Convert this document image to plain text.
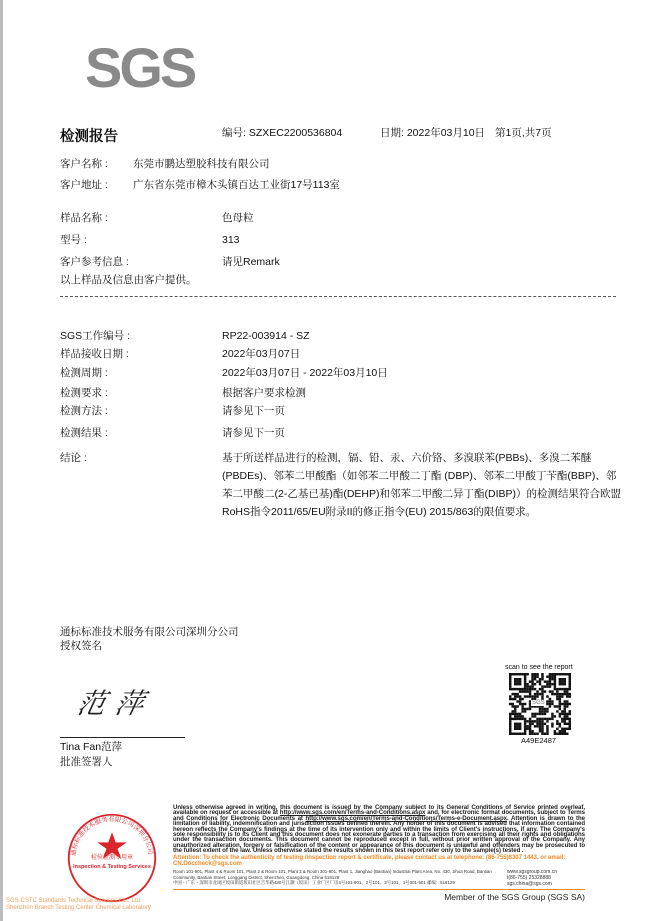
SGS
检测报告	编号: SZXEC2200536804	日期: 2022年03月10日 第1页,共7页
客户名称 : 东莞市鹏达塑胶科技有限公司
客户地址 : 广东省东莞市樟木头镇百达工业街17号113室
样品名称 :	色母粒
型号 :	313
客户参考信息 :	请见Remark
以上样品及信息由客户提供。
SGS工作编号 :	RP22-003914 - SZ
样品接收日期 :	2022年03月07日
检测周期 :	2022年03月07日 - 2022年03月10日
检测要求 :	根据客户要求检测
检测方法 :	请参见下一页
检测结果 :	请参见下一页
结论 :	基于所送样品进行的检测，镉、铅、汞、六价铬、多溴联苯(PBBs)、多溴二苯醚(PBDEs)、邻苯二甲酸酯（如邻苯二甲酸二丁酯 (DBP)、邻苯二甲酸丁苄酯(BBP)、邻苯二甲酸二(2-乙基已基)酯(DEHP)和邻苯二甲酸二异丁酯(DIBP)）的检测结果符合欧盟RoHS指令2011/65/EU附录II的修正指令(EU) 2015/863的限值要求。
通标标准技术服务有限公司深圳分公司
授权签名
范萍
Tina Fan范萍
批准签署人
scan to see the report
SGS
A49E2487
通标标准技术服务有限公司深圳分公司
检验检测专用章
Inspection & Testing Services
SGS-CSTC Standards Technical Services Co., Ltd.
Shenzhen Branch Testing Center Chemical Laboratory
Unless otherwise agreed in writing, this document is issued by the Company subject to its General Conditions of Service printed overleaf, available on request or accessible at http://www.sgs.com/en/Terms-and-Conditions.aspx and, for electronic format documents, subject to Terms and Conditions for Electronic Documents at http://www.sgs.com/en/Terms-and-Conditions/Terms-e-Document.aspx. Attention is drawn to the limitation of liability, indemnification and jurisdiction issues defined therein. Any holder of this document is advised that information contained hereon reflects the Company's findings at the time of its intervention only and within the limits of Client's instructions, if any. The Company's sole responsibility is to its Client and this document does not exonerate parties to a transaction from exercising all their rights and obligations under the transaction documents. This document cannot be reproduced except in full, without prior written approval of the Company. Any unauthorized alteration, forgery or falsification of the content or appearance of this document is unlawful and offenders may be prosecuted to the fullest extent of the law. Unless otherwise stated the results shown in this test report refer only to the sample(s) tested .
Attention: To check the authenticity of testing /inspection report & certificate, please contact us at telephone: (86-755)8307 1443, or email: CN.Doccheck@sgs.com
Room 101-901, Plant 4 & Room 101, Plant 2 & Room 101, Plant 3 & Room 301-901, Plant 1, Jianghao (Bantian) Industrial Plant Area, No. 430, Jihua Road, Bantian Community, Bantian Street, Longgang District, Shenzhen, Guangdong, China 518129
中国・广东・深圳市龙岗区坂田街道坂田社区吉华路430号江灏（坂田）工业厂区厂房4号101-901、2号101、3号101、1号301-501 邮编：518129
www.sgsgroup.com.cn
t(86-755) 25328888
sgs.china@sgs.com
Member of the SGS Group (SGS SA)
